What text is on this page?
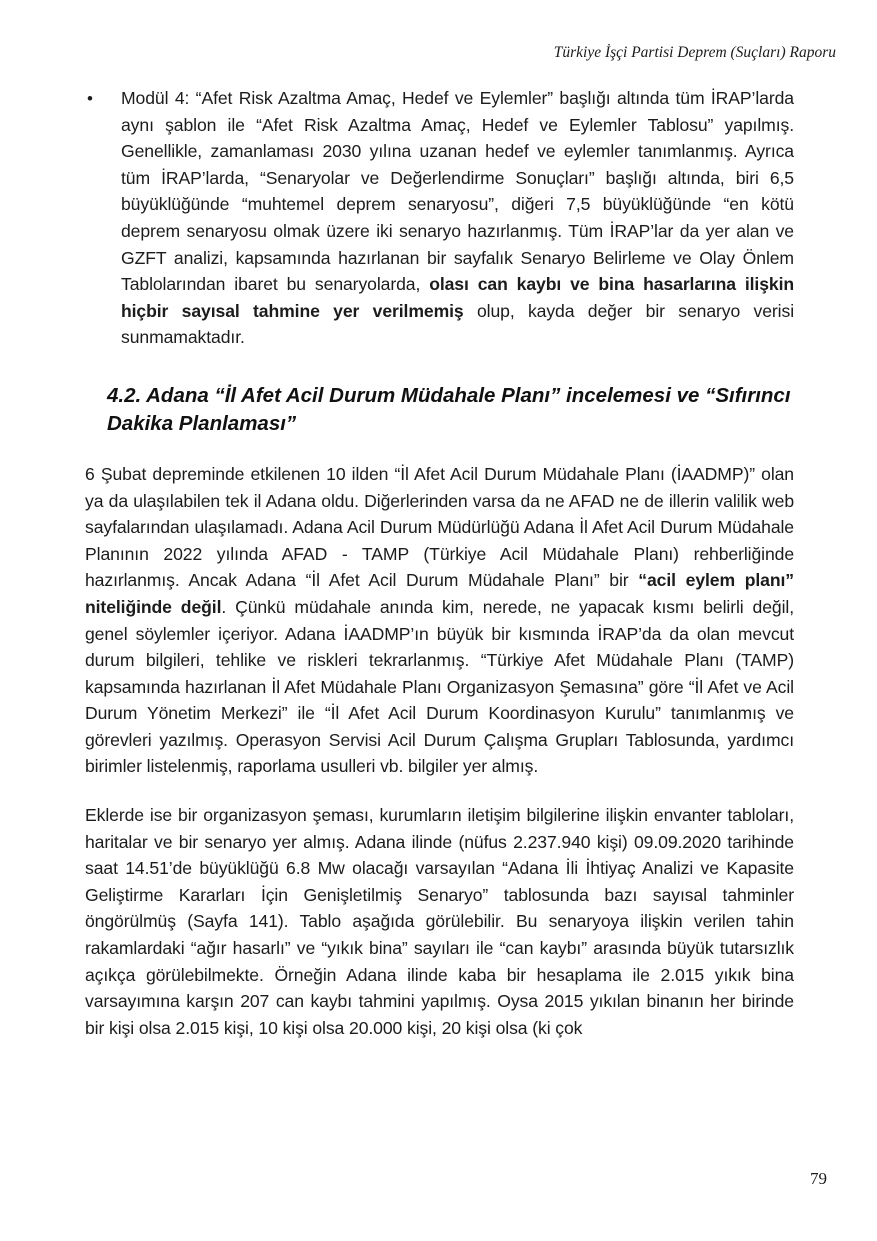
Türkiye İşçi Partisi Deprem (Suçları) Raporu
• Modül 4: “Afet Risk Azaltma Amaç, Hedef ve Eylemler” başlığı altında tüm İRAP’larda aynı şablon ile “Afet Risk Azaltma Amaç, Hedef ve Eylemler Tablosu” yapılmış. Genellikle, zamanlaması 2030 yılına uzanan hedef ve eylemler tanımlanmış. Ayrıca tüm İRAP’larda, “Senaryolar ve Değerlendirme Sonuçları” başlığı altında, biri 6,5 büyüklüğünde “muhtemel deprem senaryosu”, diğeri 7,5 büyüklüğünde “en kötü deprem senaryosu olmak üzere iki senaryo hazırlanmış. Tüm İRAP’lar da yer alan ve GZFT analizi, kapsamında hazırlanan bir sayfalık Senaryo Belirleme ve Olay Önlem Tablolarından ibaret bu senaryolarda, olası can kaybı ve bina hasarlarına ilişkin hiçbir sayısal tahmine yer verilmemiş olup, kayda değer bir senaryo verisi sunmamaktadır.

4.2. Adana “İl Afet Acil Durum Müdahale Planı” incelemesi ve “Sıfırıncı Dakika Planlaması”

6 Şubat depreminde etkilenen 10 ilden “İl Afet Acil Durum Müdahale Planı (İAADMP)” olan ya da ulaşılabilen tek il Adana oldu. Diğerlerinden varsa da ne AFAD ne de illerin valilik web sayfalarından ulaşılamadı. Adana Acil Durum Müdürlüğü Adana İl Afet Acil Durum Müdahale Planının 2022 yılında AFAD - TAMP (Türkiye Acil Müdahale Planı) rehberliğinde hazırlanmış. Ancak Adana “İl Afet Acil Durum Müdahale Planı” bir “acil eylem planı” niteliğinde değil. Çünkü müdahale anında kim, nerede, ne yapacak kısmı belirli değil, genel söylemler içeriyor. Adana İAADMP’ın büyük bir kısmında İRAP’da da olan mevcut durum bilgileri, tehlike ve riskleri tekrarlanmış. “Türkiye Afet Müdahale Planı (TAMP) kapsamında hazırlanan İl Afet Müdahale Planı Organizasyon Şemasına” göre “İl Afet ve Acil Durum Yönetim Merkezi” ile “İl Afet Acil Durum Koordinasyon Kurulu” tanımlanmış ve görevleri yazılmış. Operasyon Servisi Acil Durum Çalışma Grupları Tablosunda, yardımcı birimler listelenmiş, raporlama usulleri vb. bilgiler yer almış.

Eklerde ise bir organizasyon şeması, kurumların iletişim bilgilerine ilişkin envanter tabloları, haritalar ve bir senaryo yer almış. Adana ilinde (nüfus 2.237.940 kişi) 09.09.2020 tarihinde saat 14.51’de büyüklüğü 6.8 Mw olacağı varsayılan “Adana İli İhtiyaç Analizi ve Kapasite Geliştirme Kararları İçin Genişletilmiş Senaryo” tablosunda bazı sayısal tahminler öngörülmüş (Sayfa 141). Tablo aşağıda görülebilir. Bu senaryoya ilişkin verilen tahin rakamlardaki “ağır hasarlı” ve “yıkık bina” sayıları ile “can kaybı” arasında büyük tutarsızlık açıkça görülebilmekte. Örneğin Adana ilinde kaba bir hesaplama ile 2.015 yıkık bina varsayımına karşın 207 can kaybı tahmini yapılmış. Oysa 2015 yıkılan binanın her birinde bir kişi olsa 2.015 kişi, 10 kişi olsa 20.000 kişi, 20 kişi olsa (ki çok

79
